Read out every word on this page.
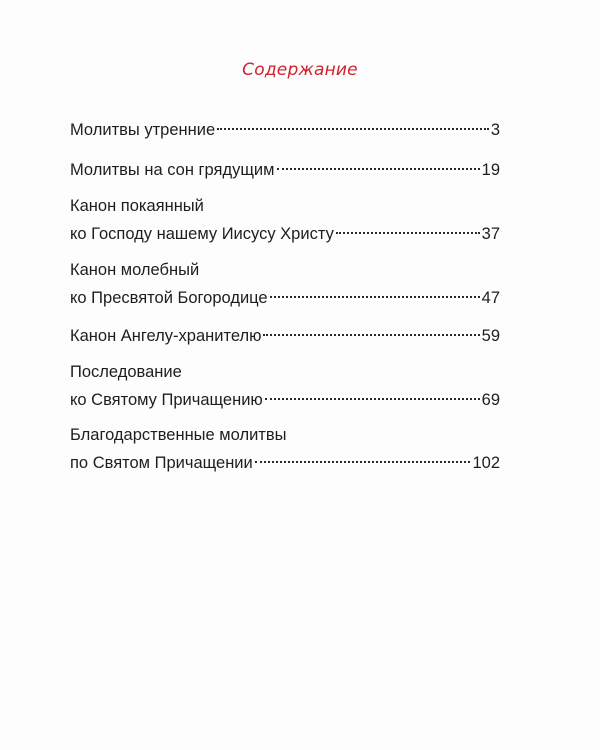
Содержание
Молитвы утренние	3
Молитвы на сон грядущим	19
Канон покаянный
ко Господу нашему Иисусу Христу	37
Канон молебный
ко Пресвятой Богородице	47
Канон Ангелу-хранителю	59
Последование
ко Святому Причащению	69
Благодарственные молитвы
по Святом Причащении	102
